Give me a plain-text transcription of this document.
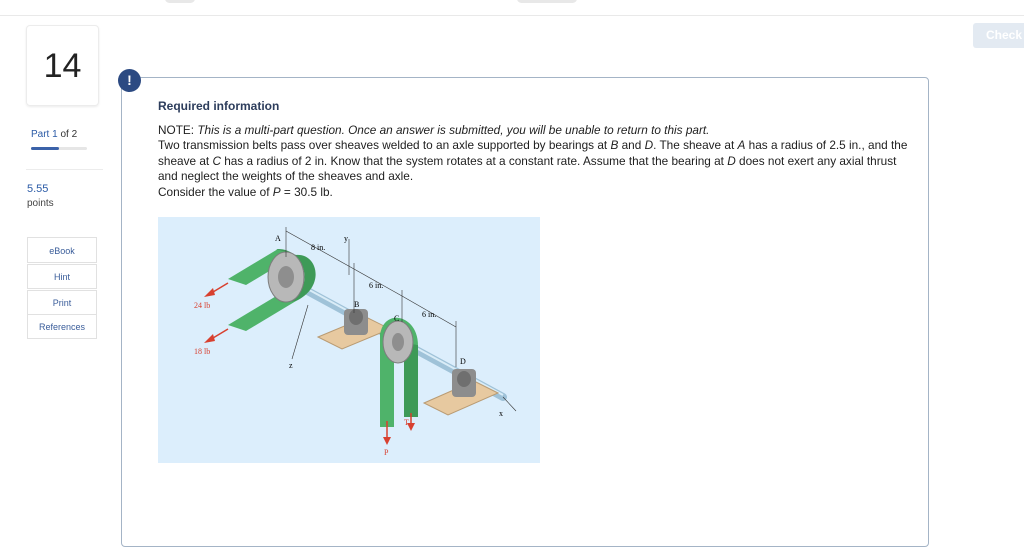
Check
14
Part 1 of 2
5.55
points
eBook
Hint
Print
References
!
Required information
NOTE: This is a multi-part question. Once an answer is submitted, you will be unable to return to this part.
Two transmission belts pass over sheaves welded to an axle supported by bearings at B and D. The sheave at A has a radius of 2.5 in., and the sheave at C has a radius of 2 in. Know that the system rotates at a constant rate. Assume that the bearing at D does not exert any axial thrust and neglect the weights of the sheaves and axle.
Consider the value of P = 30.5 lb.
A
B
C
D
y
z
x
8 in.
6 in.
6 in.
24 lb
18 lb
T
P
